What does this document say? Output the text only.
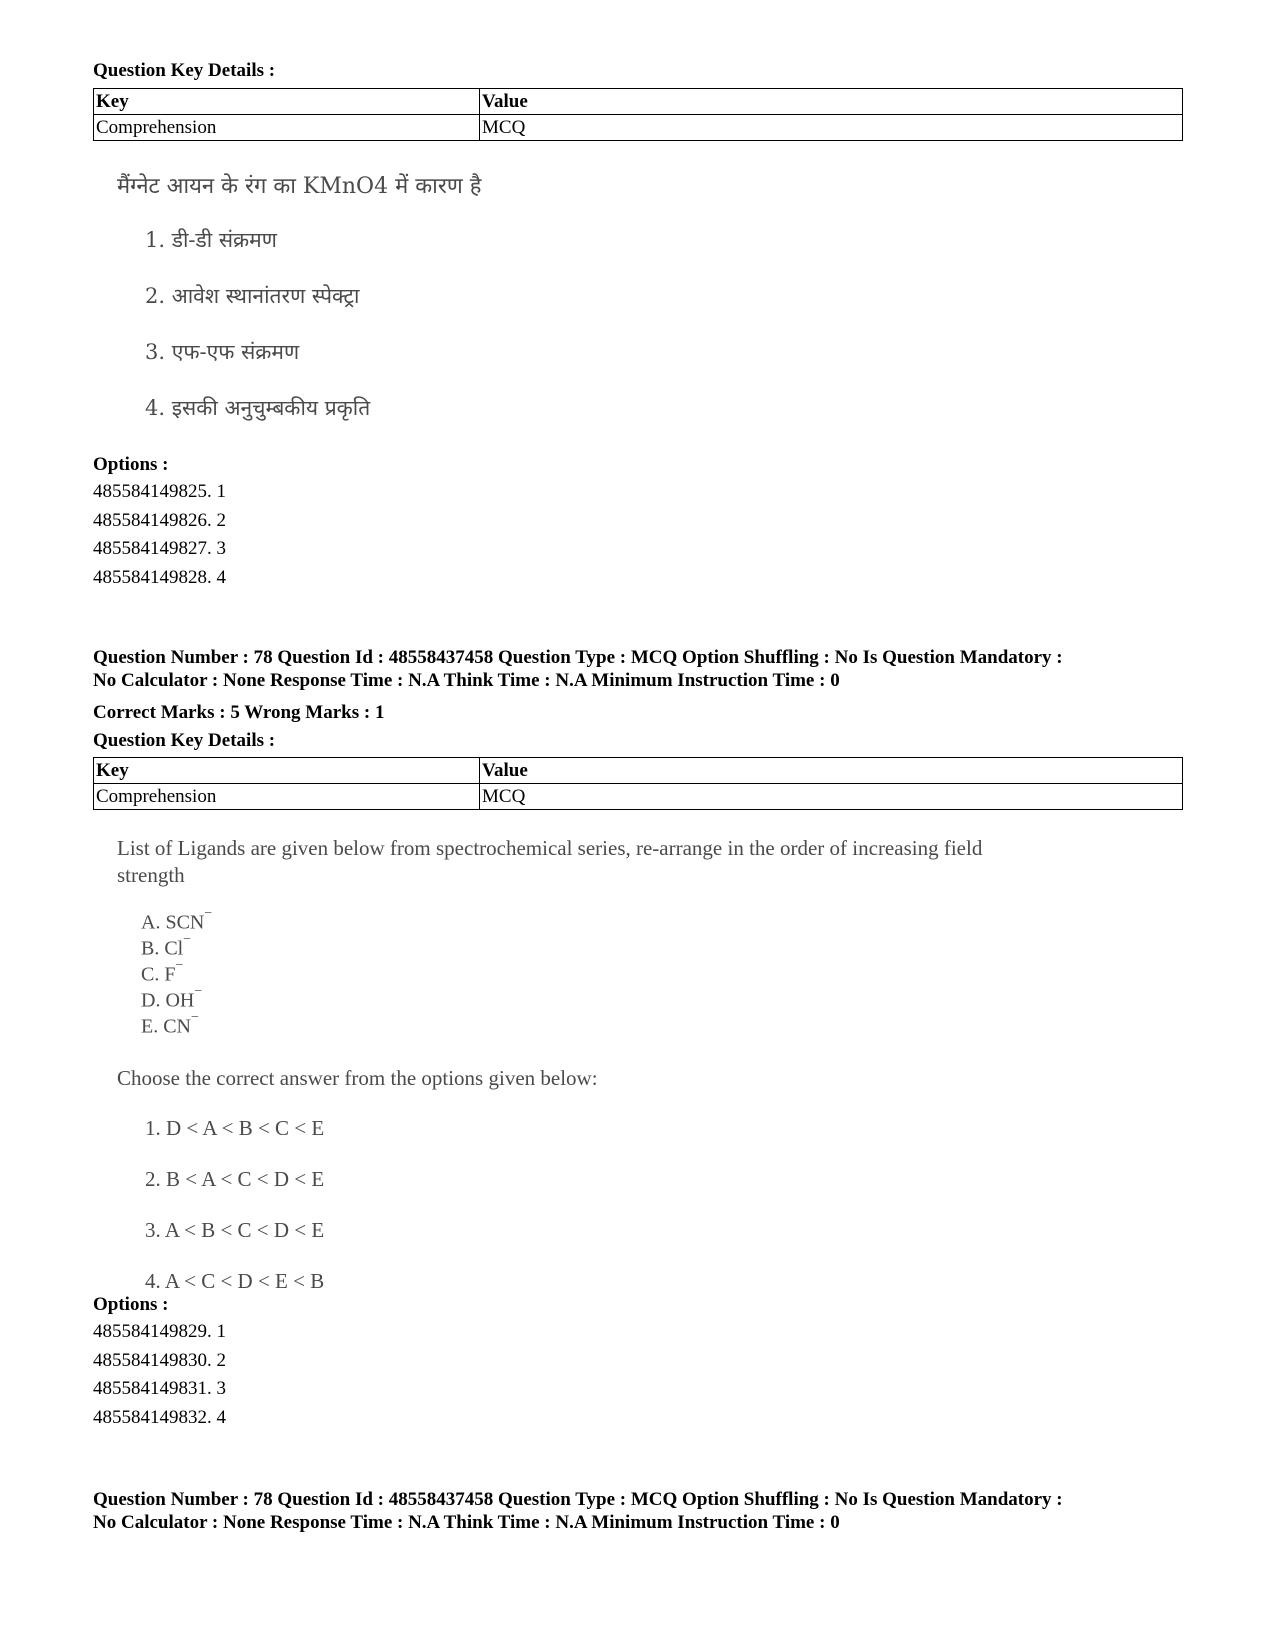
Question Key Details :
Key	Value
Comprehension	MCQ
मैंग्नेट आयन के रंग का KMnO4 में कारण है
1. डी-डी संक्रमण
2. आवेश स्थानांतरण स्पेक्ट्रा
3. एफ-एफ संक्रमण
4. इसकी अनुचुम्बकीय प्रकृति
Options :
485584149825. 1
485584149826. 2
485584149827. 3
485584149828. 4
Question Number : 78 Question Id : 48558437458 Question Type : MCQ Option Shuffling : No Is Question Mandatory :
No Calculator : None Response Time : N.A Think Time : N.A Minimum Instruction Time : 0
Correct Marks : 5 Wrong Marks : 1
Question Key Details :
Key	Value
Comprehension	MCQ
List of Ligands are given below from spectrochemical series, re-arrange in the order of increasing field
strength
A. SCN−
B. Cl−
C. F−
D. OH−
E. CN−
Choose the correct answer from the options given below:
1. D < A < B < C < E
2. B < A < C < D < E
3. A < B < C < D < E
4. A < C < D < E < B
Options :
485584149829. 1
485584149830. 2
485584149831. 3
485584149832. 4
Question Number : 78 Question Id : 48558437458 Question Type : MCQ Option Shuffling : No Is Question Mandatory :
No Calculator : None Response Time : N.A Think Time : N.A Minimum Instruction Time : 0
